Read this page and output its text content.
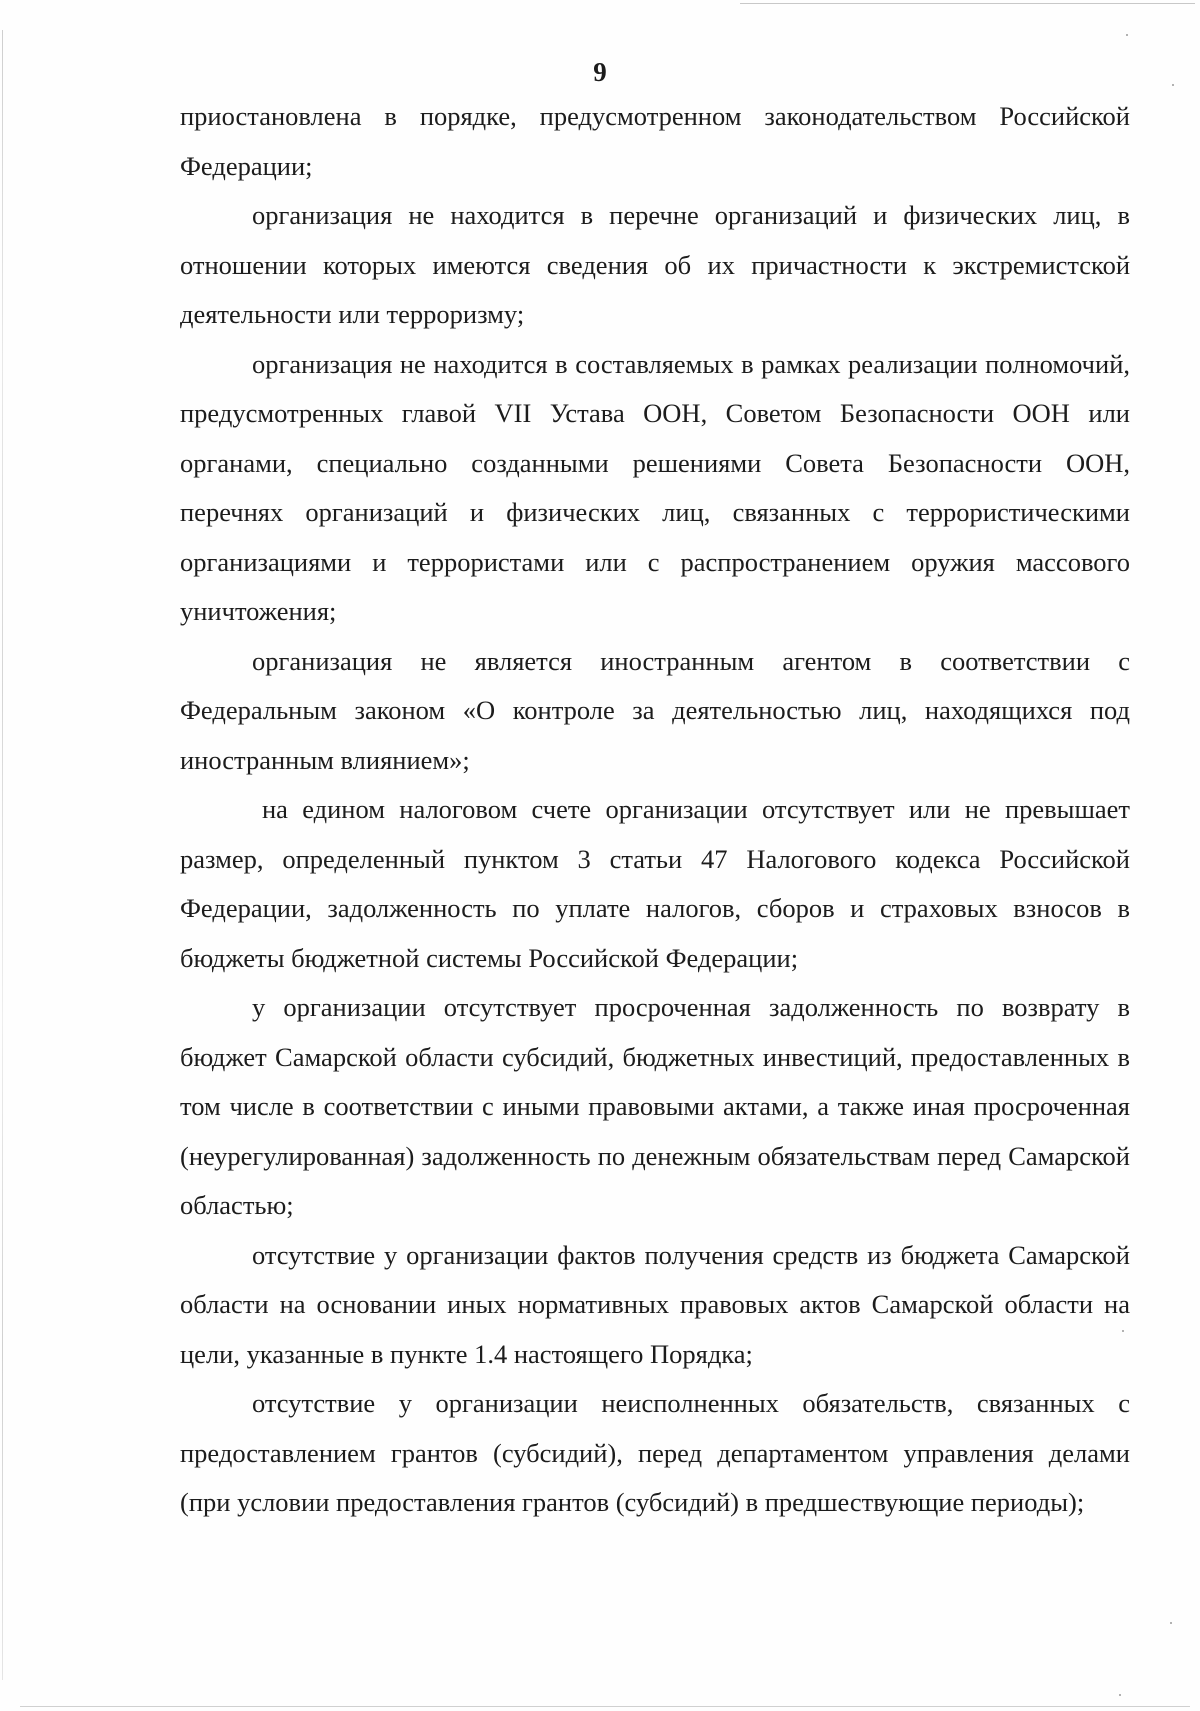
9

приостановлена в порядке, предусмотренном законодательством Российской Федерации;

организация не находится в перечне организаций и физических лиц, в отношении которых имеются сведения об их причастности к экстремистской деятельности или терроризму;

организация не находится в составляемых в рамках реализации полномочий, предусмотренных главой VII Устава ООН, Советом Безопасности ООН или органами, специально созданными решениями Совета Безопасности ООН, перечнях организаций и физических лиц, связанных с террористическими организациями и террористами или с распространением оружия массового уничтожения;

организация не является иностранным агентом в соответствии с Федеральным законом «О контроле за деятельностью лиц, находящихся под иностранным влиянием»;

на едином налоговом счете организации отсутствует или не превышает размер, определенный пунктом 3 статьи 47 Налогового кодекса Российской Федерации, задолженность по уплате налогов, сборов и страховых взносов в бюджеты бюджетной системы Российской Федерации;

у организации отсутствует просроченная задолженность по возврату в бюджет Самарской области субсидий, бюджетных инвестиций, предоставленных в том числе в соответствии с иными правовыми актами, а также иная просроченная (неурегулированная) задолженность по денежным обязательствам перед Самарской областью;

отсутствие у организации фактов получения средств из бюджета Самарской области на основании иных нормативных правовых актов Самарской области на цели, указанные в пункте 1.4 настоящего Порядка;

отсутствие у организации неисполненных обязательств, связанных с предоставлением грантов (субсидий), перед департаментом управления делами (при условии предоставления грантов (субсидий) в предшествующие периоды);
